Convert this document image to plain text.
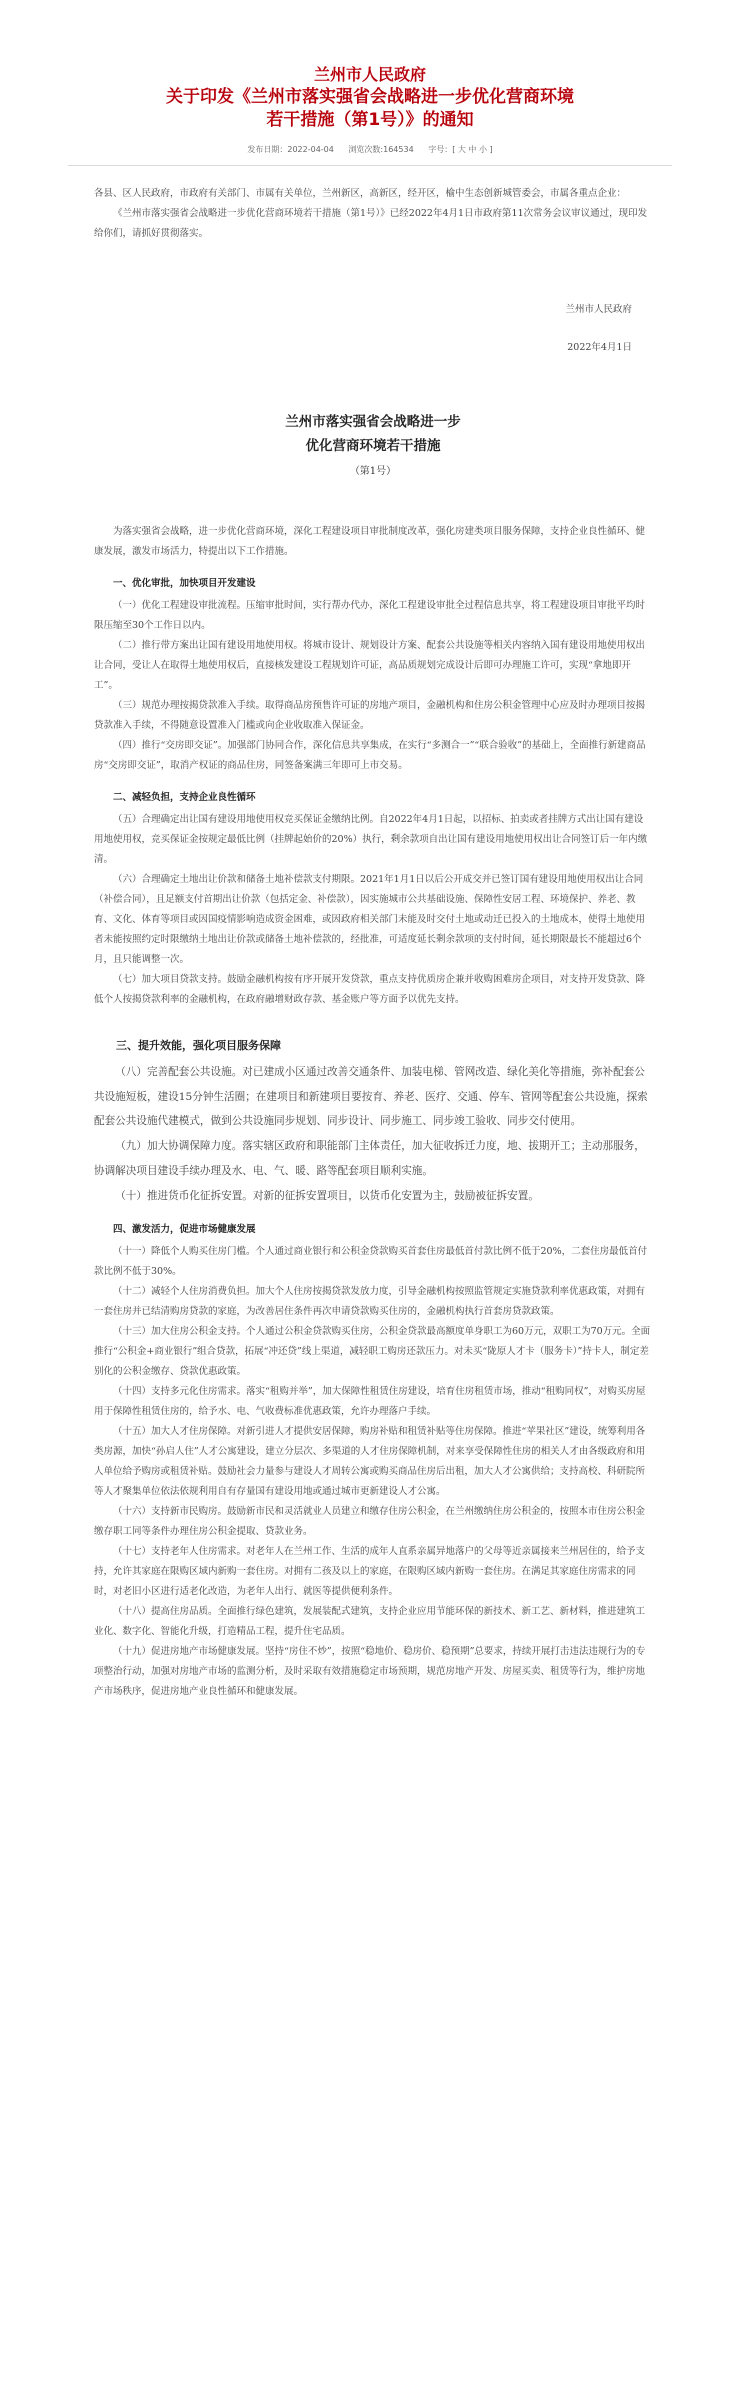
兰州市人民政府
关于印发《兰州市落实强省会战略进一步优化营商环境
若干措施（第1号）》的通知
发布日期：2022-04-04 浏览次数:164534 字号：[ 大 中 小 ]

各县、区人民政府，市政府有关部门、市属有关单位，兰州新区，高新区，经开区，榆中生态创新城管委会，市属各重点企业：

《兰州市落实强省会战略进一步优化营商环境若干措施（第1号）》已经2022年4月1日市政府第11次常务会议审议通过，现印发给你们，请抓好贯彻落实。

兰州市人民政府
2022年4月1日
兰州市落实强省会战略进一步
优化营商环境若干措施
（第1号）

为落实强省会战略，进一步优化营商环境，深化工程建设项目审批制度改革，强化房建类项目服务保障，支持企业良性循环、健康发展，激发市场活力，特提出以下工作措施。

一、优化审批，加快项目开发建设

（一）优化工程建设审批流程。压缩审批时间，实行帮办代办，深化工程建设审批全过程信息共享，将工程建设项目审批平均时限压缩至30个工作日以内。

（二）推行带方案出让国有建设用地使用权。将城市设计、规划设计方案、配套公共设施等相关内容纳入国有建设用地使用权出让合同，受让人在取得土地使用权后，直接核发建设工程规划许可证，高品质规划完成设计后即可办理施工许可，实现“拿地即开工”。

（三）规范办理按揭贷款准入手续。取得商品房预售许可证的房地产项目，金融机构和住房公积金管理中心应及时办理项目按揭贷款准入手续，不得随意设置准入门槛或向企业收取准入保证金。

（四）推行“交房即交证”。加强部门协同合作，深化信息共享集成，在实行“多测合一”“联合验收”的基础上，全面推行新建商品房“交房即交证”，取消产权证的商品住房，同签备案满三年即可上市交易。

二、减轻负担，支持企业良性循环

（五）合理确定出让国有建设用地使用权竞买保证金缴纳比例。自2022年4月1日起，以招标、拍卖或者挂牌方式出让国有建设用地使用权，竞买保证金按规定最低比例（挂牌起始价的20%）执行，剩余款项自出让国有建设用地使用权出让合同签订后一年内缴清。

（六）合理确定土地出让价款和储备土地补偿款支付期限。2021年1月1日以后公开成交并已签订国有建设用地使用权出让合同（补偿合同），且足额支付首期出让价款（包括定金、补偿款），因实施城市公共基础设施、保障性安居工程、环境保护、养老、教育、文化、体育等项目或因国疫情影响造成资金困难，或因政府相关部门未能及时交付土地或动迁已投入的土地成本，使得土地使用者未能按照约定时限缴纳土地出让价款或储备土地补偿款的，经批准，可适度延长剩余款项的支付时间，延长期限最长不能超过6个月，且只能调整一次。

（七）加大项目贷款支持。鼓励金融机构按有序开展开发贷款，重点支持优质房企兼并收购困难房企项目，对支持开发贷款、降低个人按揭贷款利率的金融机构，在政府融增财政存款、基金账户等方面予以优先支持。

三、提升效能，强化项目服务保障

（八）完善配套公共设施。对已建成小区通过改善交通条件、加装电梯、管网改造、绿化美化等措施，弥补配套公共设施短板，建设15分钟生活圈；在建项目和新建项目要按育、养老、医疗、交通、停车、管网等配套公共设施，探索配套公共设施代建模式，做到公共设施同步规划、同步设计、同步施工、同步竣工验收、同步交付使用。

（九）加大协调保障力度。落实辖区政府和职能部门主体责任，加大征收拆迁力度，地、拔期开工；主动那服务，协调解决项目建设手续办理及水、电、气、暖、路等配套项目顺利实施。

（十）推进货币化征拆安置。对新的征拆安置项目，以货币化安置为主，鼓励被征拆安置。

四、激发活力，促进市场健康发展

（十一）降低个人购买住房门槛。个人通过商业银行和公积金贷款购买首套住房最低首付款比例不低于20%，二套住房最低首付款比例不低于30%。

（十二）减轻个人住房消费负担。加大个人住房按揭贷款发放力度，引导金融机构按照监管规定实施贷款利率优惠政策，对拥有一套住房并已结清购房贷款的家庭，为改善居住条件再次申请贷款购买住房的，金融机构执行首套房贷款政策。

（十三）加大住房公积金支持。个人通过公积金贷款购买住房，公积金贷款最高额度单身职工为60万元，双职工为70万元。全面推行“公积金+商业银行”组合贷款，拓展“冲还贷”线上渠道，减轻职工购房还款压力。对未买“陇原人才卡（服务卡）”持卡人，制定差别化的公积金缴存、贷款优惠政策。

（十四）支持多元化住房需求。落实“租购并举”，加大保障性租赁住房建设，培育住房租赁市场，推动“租购同权”，对购买房屋用于保障性租赁住房的，给予水、电、气收费标准优惠政策，允许办理落户手续。

（十五）加大人才住房保障。对新引进人才提供安居保障，购房补贴和租赁补贴等住房保障。推进“苹果社区”建设，统筹利用各类房源，加快“孙启人住”人才公寓建设，建立分层次、多渠道的人才住房保障机制，对来享受保障性住房的相关人才由各级政府和用人单位给予购房或租赁补贴。鼓励社会力量参与建设人才周转公寓或购买商品住房后出租，加大人才公寓供给；支持高校、科研院所等人才聚集单位依法依规利用自有存量国有建设用地或通过城市更新建设人才公寓。

（十六）支持新市民购房。鼓励新市民和灵活就业人员建立和缴存住房公积金，在兰州缴纳住房公积金的，按照本市住房公积金缴存职工同等条件办理住房公积金提取、贷款业务。

（十七）支持老年人住房需求。对老年人在兰州工作、生活的成年人直系亲属异地落户的父母等近亲属接来兰州居住的，给予支持，允许其家庭在限购区域内新购一套住房。对拥有二孩及以上的家庭，在限购区域内新购一套住房。在满足其家庭住房需求的同时，对老旧小区进行适老化改造，为老年人出行、就医等提供便利条件。

（十八）提高住房品质。全面推行绿色建筑，发展装配式建筑，支持企业应用节能环保的新技术、新工艺、新材料，推进建筑工业化、数字化、智能化升级，打造精品工程，提升住宅品质。

（十九）促进房地产市场健康发展。坚持“房住不炒”，按照“稳地价、稳房价、稳预期”总要求，持续开展打击违法违规行为的专项整治行动，加强对房地产市场的监测分析，及时采取有效措施稳定市场预期，规范房地产开发、房屋买卖、租赁等行为，维护房地产市场秩序，促进房地产业良性循环和健康发展。
